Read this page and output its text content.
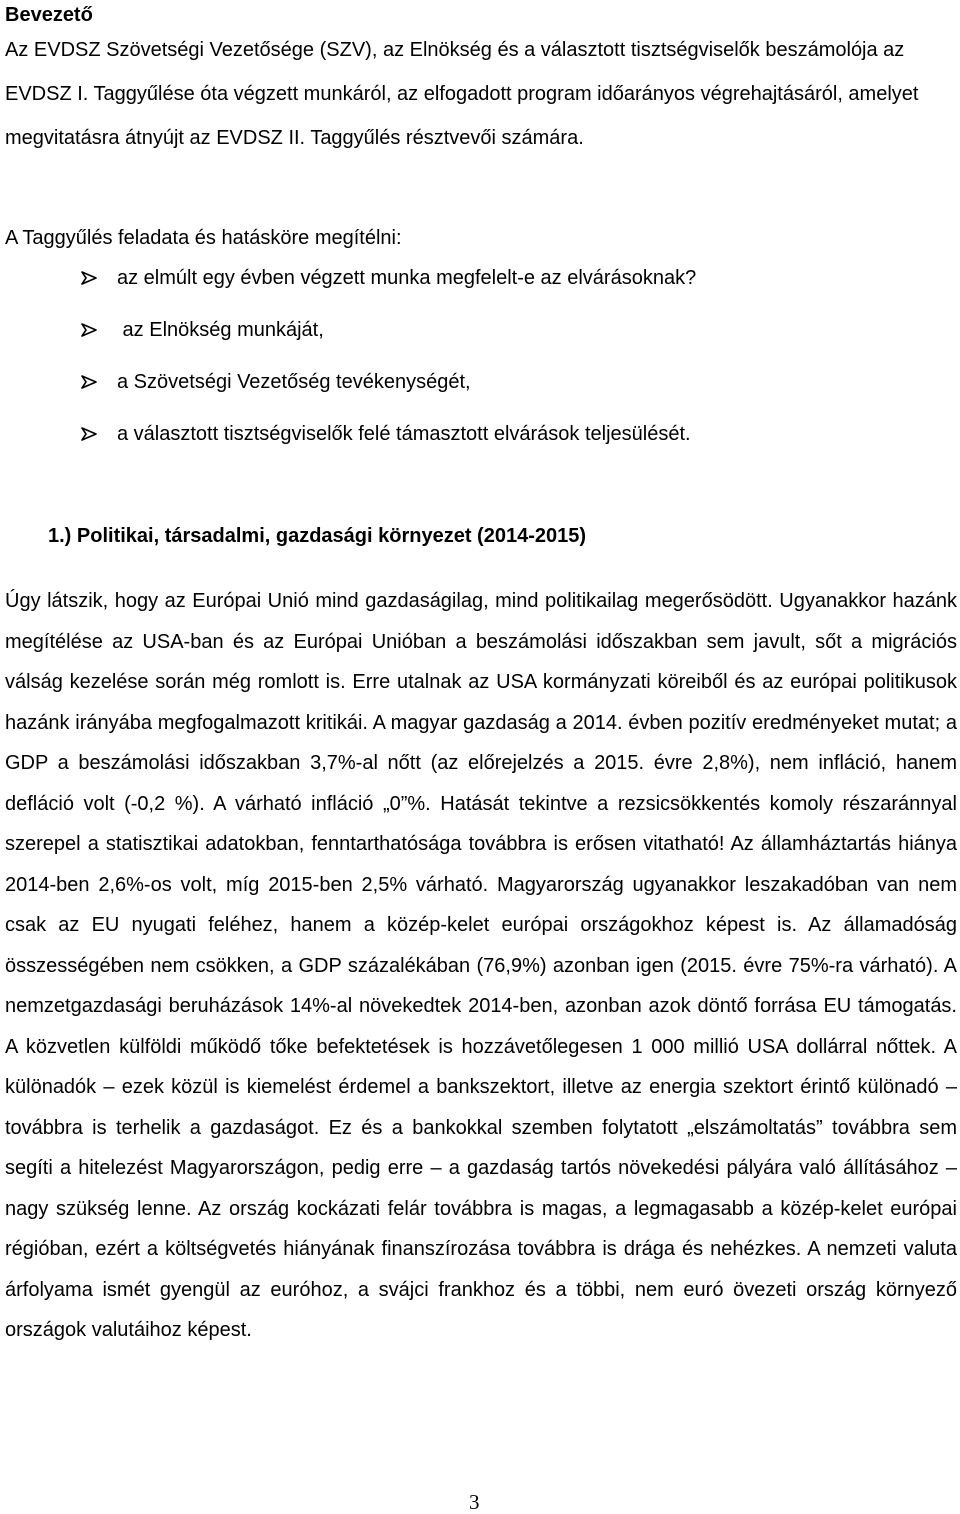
Bevezető
Az EVDSZ Szövetségi Vezetősége (SZV), az Elnökség és a választott tisztségviselők beszámolója az EVDSZ I. Taggyűlése óta végzett munkáról, az elfogadott program időarányos végrehajtásáról, amelyet megvitatásra átnyújt az EVDSZ II. Taggyűlés résztvevői számára.
A Taggyűlés feladata és hatásköre megítélni:
az elmúlt egy évben végzett munka megfelelt-e az elvárásoknak?
az Elnökség munkáját,
a Szövetségi Vezetőség tevékenységét,
a választott tisztségviselők felé támasztott elvárások teljesülését.
1.) Politikai, társadalmi, gazdasági környezet (2014-2015)
Úgy látszik, hogy az Európai Unió mind gazdaságilag, mind politikailag megerősödött. Ugyanakkor hazánk megítélése az USA-ban és az Európai Unióban a beszámolási időszakban sem javult, sőt a migrációs válság kezelése során még romlott is. Erre utalnak az USA kormányzati köreiből és az európai politikusok hazánk irányába megfogalmazott kritikái. A magyar gazdaság a 2014. évben pozitív eredményeket mutat; a GDP a beszámolási időszakban 3,7%-al nőtt (az előrejelzés a 2015. évre 2,8%), nem infláció, hanem defláció volt (-0,2 %). A várható infláció „0”%. Hatását tekintve a rezsicsökkentés komoly részaránnyal szerepel a statisztikai adatokban, fenntarthatósága továbbra is erősen vitatható! Az államháztartás hiánya 2014-ben 2,6%-os volt, míg 2015-ben 2,5% várható. Magyarország ugyanakkor leszakadóban van nem csak az EU nyugati feléhez, hanem a közép-kelet európai országokhoz képest is. Az államadóság összességében nem csökken, a GDP százalékában (76,9%) azonban igen (2015. évre 75%-ra várható). A nemzetgazdasági beruházások 14%-al növekedtek 2014-ben, azonban azok döntő forrása EU támogatás. A közvetlen külföldi működő tőke befektetések is hozzávetőlegesen 1 000 millió USA dollárral nőttek. A különadók – ezek közül is kiemelést érdemel a bankszektort, illetve az energia szektort érintő különadó – továbbra is terhelik a gazdaságot. Ez és a bankokkal szemben folytatott „elszámoltatás” továbbra sem segíti a hitelezést Magyarországon, pedig erre – a gazdaság tartós növekedési pályára való állításához – nagy szükség lenne. Az ország kockázati felár továbbra is magas, a legmagasabb a közép-kelet európai régióban, ezért a költségvetés hiányának finanszírozása továbbra is drága és nehézkes. A nemzeti valuta árfolyama ismét gyengül az euróhoz, a svájci frankhoz és a többi, nem euró övezeti ország környező országok valutáihoz képest.
3
